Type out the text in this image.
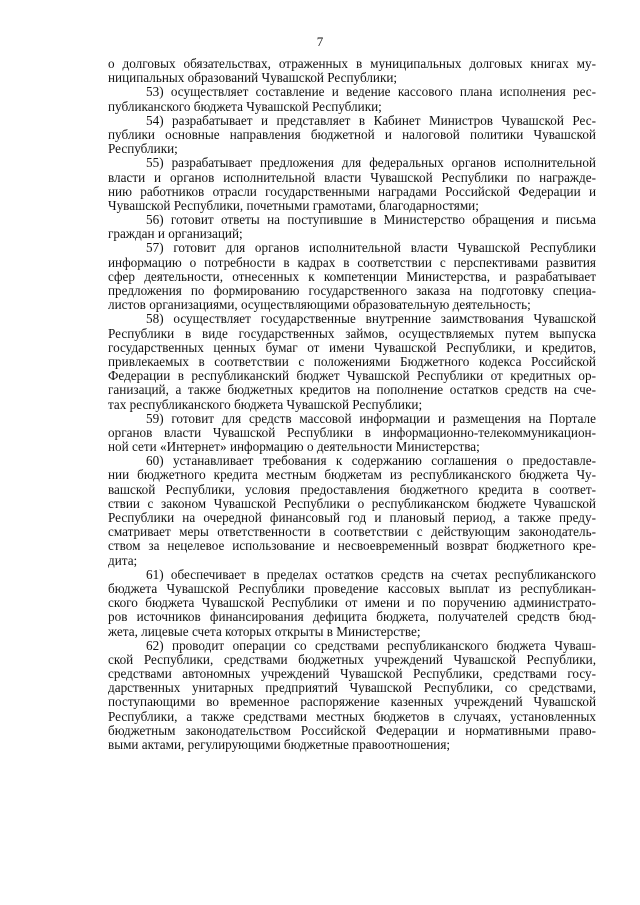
7
о долговых обязательствах, отраженных в муниципальных долговых книгах му-
ниципальных образований Чувашской Республики;
53) осуществляет составление и ведение кассового плана исполнения рес-
публиканского бюджета Чувашской Республики;
54) разрабатывает и представляет в Кабинет Министров Чувашской Рес-
публики основные направления бюджетной и налоговой политики Чувашской
Республики;
55) разрабатывает предложения для федеральных органов исполнительной
власти и органов исполнительной власти Чувашской Республики по награжде-
нию работников отрасли государственными наградами Российской Федерации и
Чувашской Республики, почетными грамотами, благодарностями;
56) готовит ответы на поступившие в Министерство обращения и письма
граждан и организаций;
57) готовит для органов исполнительной власти Чувашской Республики
информацию о потребности в кадрах в соответствии с перспективами развития
сфер деятельности, отнесенных к компетенции Министерства, и разрабатывает
предложения по формированию государственного заказа на подготовку специа-
листов организациями, осуществляющими образовательную деятельность;
58) осуществляет государственные внутренние заимствования Чувашской
Республики в виде государственных займов, осуществляемых путем выпуска
государственных ценных бумаг от имени Чувашской Республики, и кредитов,
привлекаемых в соответствии с положениями Бюджетного кодекса Российской
Федерации в республиканский бюджет Чувашской Республики от кредитных ор-
ганизаций, а также бюджетных кредитов на пополнение остатков средств на сче-
тах республиканского бюджета Чувашской Республики;
59) готовит для средств массовой информации и размещения на Портале
органов власти Чувашской Республики в информационно-телекоммуникацион-
ной сети «Интернет» информацию о деятельности Министерства;
60) устанавливает требования к содержанию соглашения о предоставле-
нии бюджетного кредита местным бюджетам из республиканского бюджета Чу-
вашской Республики, условия предоставления бюджетного кредита в соответ-
ствии с законом Чувашской Республики о республиканском бюджете Чувашской
Республики на очередной финансовый год и плановый период, а также преду-
сматривает меры ответственности в соответствии с действующим законодатель-
ством за нецелевое использование и несвоевременный возврат бюджетного кре-
дита;
61) обеспечивает в пределах остатков средств на счетах республиканского
бюджета Чувашской Республики проведение кассовых выплат из республикан-
ского бюджета Чувашской Республики от имени и по поручению администрато-
ров источников финансирования дефицита бюджета, получателей средств бюд-
жета, лицевые счета которых открыты в Министерстве;
62) проводит операции со средствами республиканского бюджета Чуваш-
ской Республики, средствами бюджетных учреждений Чувашской Республики,
средствами автономных учреждений Чувашской Республики, средствами госу-
дарственных унитарных предприятий Чувашской Республики, со средствами,
поступающими во временное распоряжение казенных учреждений Чувашской
Республики, а также средствами местных бюджетов в случаях, установленных
бюджетным законодательством Российской Федерации и нормативными право-
выми актами, регулирующими бюджетные правоотношения;
